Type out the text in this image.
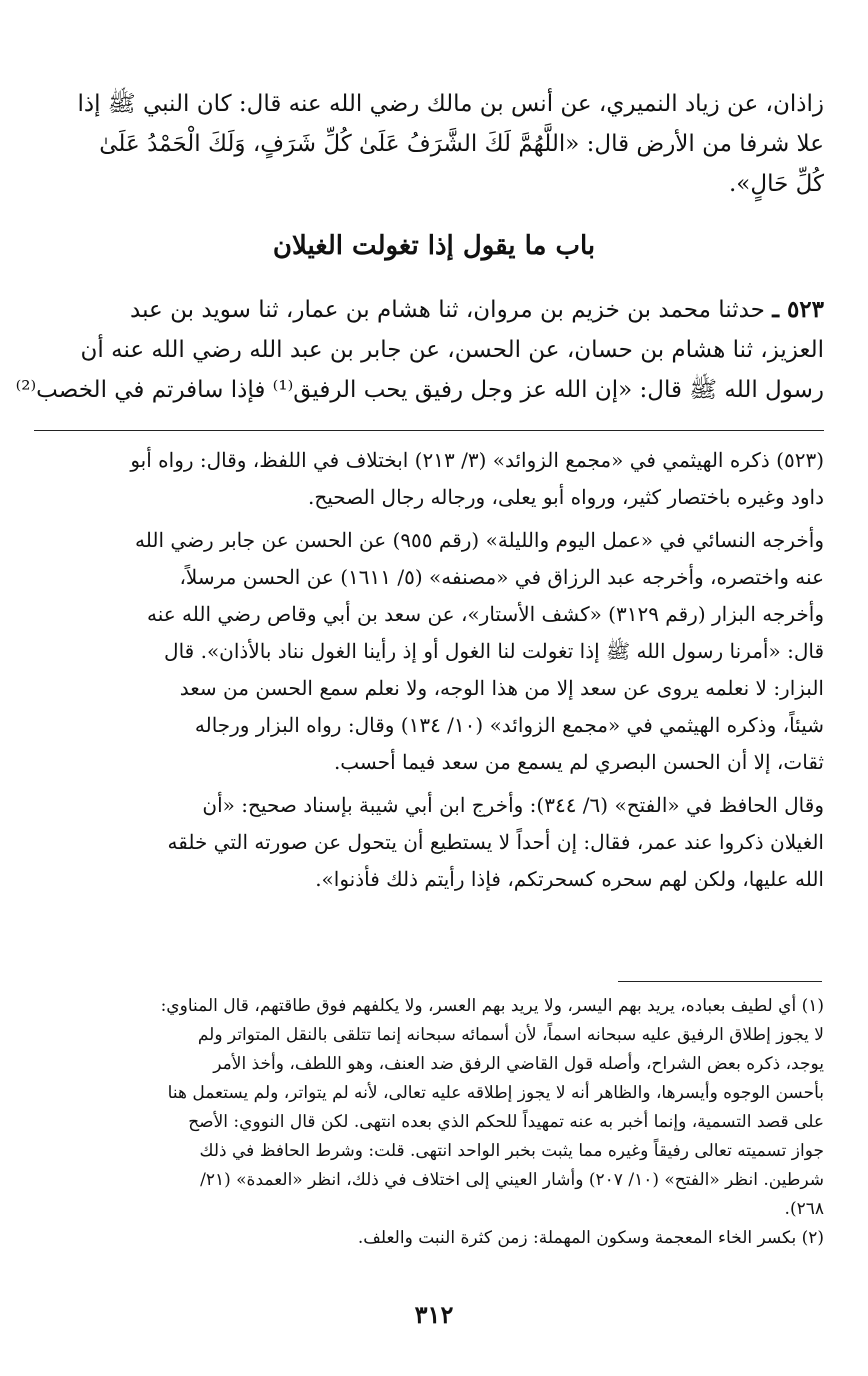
زاذان، عن زياد النميري، عن أنس بن مالك رضي الله عنه قال: كان النبي ﷺ إذا
علا شرفا من الأرض قال: «اللَّهُمَّ لَكَ الشَّرَفُ عَلَىٰ كُلِّ شَرَفٍ، وَلَكَ الْحَمْدُ عَلَىٰ
كُلِّ حَالٍ».
باب ما يقول إذا تغولت الغيلان
٥٢٣ ـ حدثنا محمد بن خزيم بن مروان، ثنا هشام بن عمار، ثنا سويد بن عبد
العزيز، ثنا هشام بن حسان، عن الحسن، عن جابر بن عبد الله رضي الله عنه أن
رسول الله ﷺ قال: «إن الله عز وجل رفيق يحب الرفيق⁽¹⁾ فإذا سافرتم في الخصب⁽²⁾
(٥٢٣) ذكره الهيثمي في «مجمع الزوائد» (٣/ ٢١٣) ابختلاف في اللفظ، وقال: رواه أبو
داود وغيره باختصار كثير، ورواه أبو يعلى، ورجاله رجال الصحيح.
وأخرجه النسائي في «عمل اليوم والليلة» (رقم ٩٥٥) عن الحسن عن جابر رضي الله
عنه واختصره، وأخرجه عبد الرزاق في «مصنفه» (٥/ ١٦١١) عن الحسن مرسلاً،
وأخرجه البزار (رقم ٣١٢٩) «كشف الأستار»، عن سعد بن أبي وقاص رضي الله عنه
قال: «أمرنا رسول الله ﷺ إذا تغولت لنا الغول أو إذ رأينا الغول نناد بالأذان». قال
البزار: لا نعلمه يروى عن سعد إلا من هذا الوجه، ولا نعلم سمع الحسن من سعد
شيئاً، وذكره الهيثمي في «مجمع الزوائد» (١٠/ ١٣٤) وقال: رواه البزار ورجاله
ثقات، إلا أن الحسن البصري لم يسمع من سعد فيما أحسب.
وقال الحافظ في «الفتح» (٦/ ٣٤٤): وأخرج ابن أبي شيبة بإسناد صحيح: «أن
الغيلان ذكروا عند عمر، فقال: إن أحداً لا يستطيع أن يتحول عن صورته التي خلقه
الله عليها، ولكن لهم سحره كسحرتكم، فإذا رأيتم ذلك فأذنوا».
(١) أي لطيف بعباده، يريد بهم اليسر، ولا يريد بهم العسر، ولا يكلفهم فوق طاقتهم، قال المناوي:
لا يجوز إطلاق الرفيق عليه سبحانه اسماً، لأن أسمائه سبحانه إنما تتلقى بالنقل المتواتر ولم
يوجد، ذكره بعض الشراح، وأصله قول القاضي الرفق ضد العنف، وهو اللطف، وأخذ الأمر
بأحسن الوجوه وأيسرها، والظاهر أنه لا يجوز إطلاقه عليه تعالى، لأنه لم يتواتر، ولم يستعمل هنا
على قصد التسمية، وإنما أخبر به عنه تمهيداً للحكم الذي بعده انتهى. لكن قال النووي: الأصح
جواز تسميته تعالى رفيقاً وغيره مما يثبت بخبر الواحد انتهى. قلت: وشرط الحافظ في ذلك
شرطين. انظر «الفتح» (١٠/ ٢٠٧) وأشار العيني إلى اختلاف في ذلك، انظر «العمدة» (٢١/
٢٦٨).
(٢) بكسر الخاء المعجمة وسكون المهملة: زمن كثرة النبت والعلف.
٣١٢
